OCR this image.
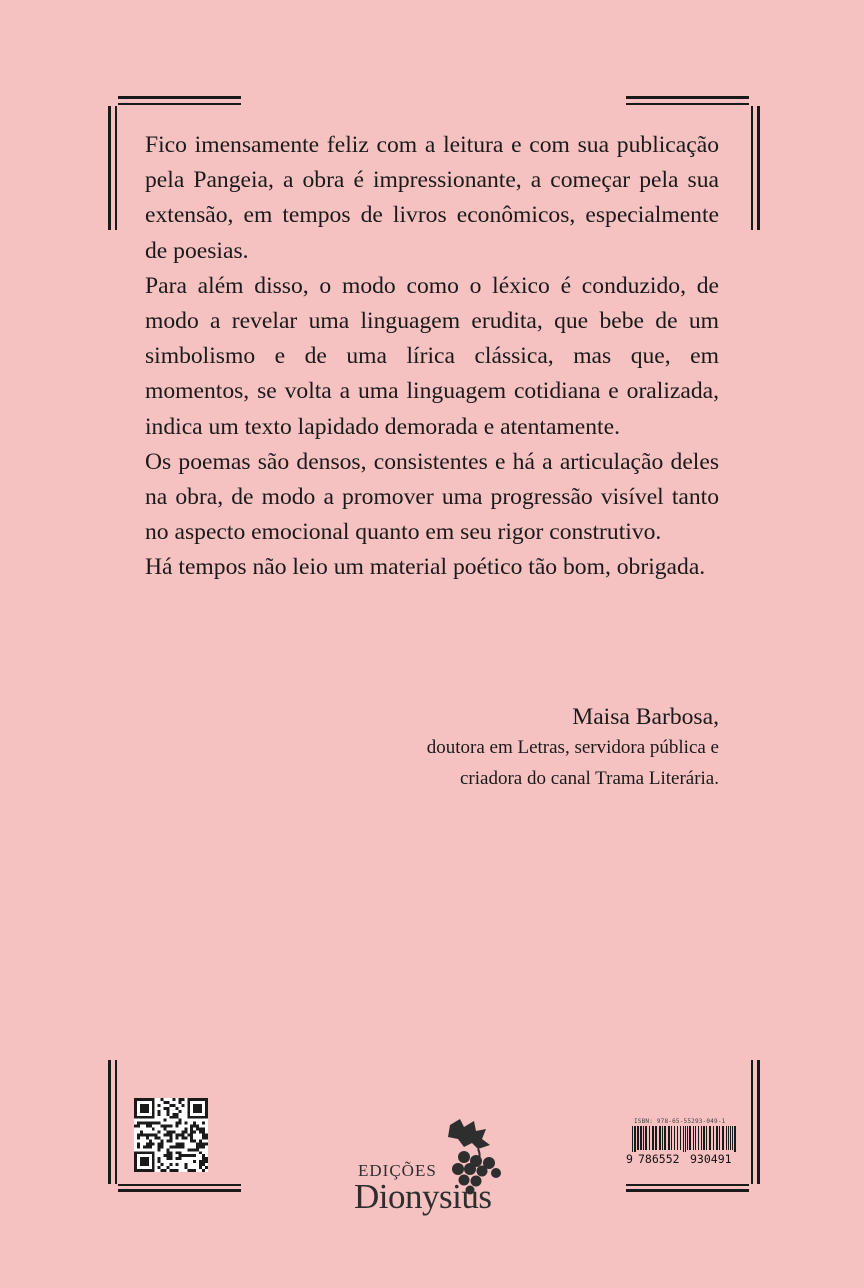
Fico imensamente feliz com a leitura e com sua publicação pela Pangeia, a obra é impressionante, a começar pela sua extensão, em tempos de livros econômicos, especialmente de poesias.

Para além disso, o modo como o léxico é conduzido, de modo a revelar uma linguagem erudita, que bebe de um simbolismo e de uma lírica clássica, mas que, em momentos, se volta a uma linguagem cotidiana e oralizada, indica um texto lapidado demorada e atentamente.

Os poemas são densos, consistentes e há a articulação deles na obra, de modo a promover uma progressão visível tanto no aspecto emocional quanto em seu rigor construtivo.

Há tempos não leio um material poético tão bom, obrigada.

Maisa Barbosa,
doutora em Letras, servidora pública e
criadora do canal Trama Literária.
EDIÇÕES
Dionysius
ISBN: 978-65-55293-049-1
9 786552 930491
